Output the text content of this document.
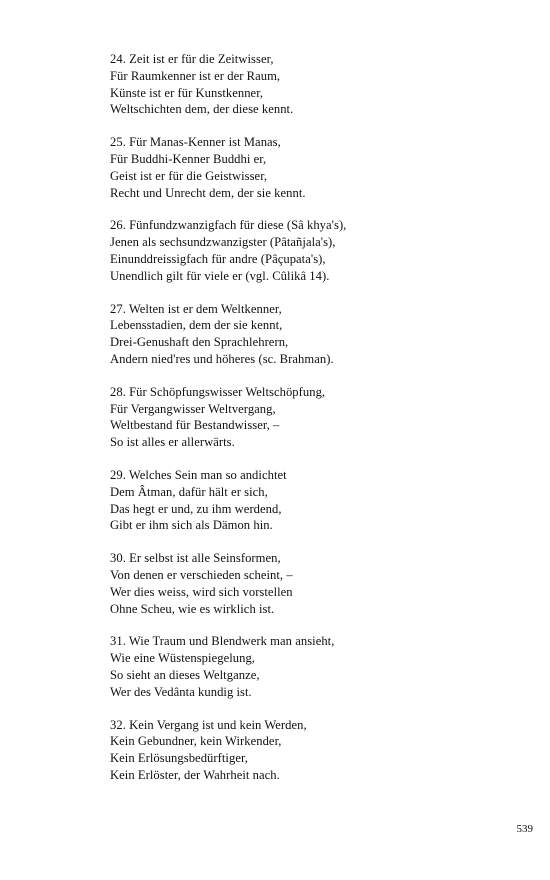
24. Zeit ist er für die Zeitwisser,
Für Raumkenner ist er der Raum,
Künste ist er für Kunstkenner,
Weltschichten dem, der diese kennt.
25. Für Manas-Kenner ist Manas,
Für Buddhi-Kenner Buddhi er,
Geist ist er für die Geistwisser,
Recht und Unrecht dem, der sie kennt.
26. Fünfundzwanzigfach für diese (Sâ khya's),
Jenen als sechsundzwanzigster (Pâtañjala's),
Einunddreissigfach für andre (Pâçupata's),
Unendlich gilt für viele er (vgl. Cûlikâ 14).
27. Welten ist er dem Weltkenner,
Lebensstadien, dem der sie kennt,
Drei-Genushaft den Sprachlehrern,
Andern nied'res und höheres (sc. Brahman).
28. Für Schöpfungswisser Weltschöpfung,
Für Vergangwisser Weltvergang,
Weltbestand für Bestandwisser, –
So ist alles er allerwärts.
29. Welches Sein man so andichtet
Dem Âtman, dafür hält er sich,
Das hegt er und, zu ihm werdend,
Gibt er ihm sich als Dämon hin.
30. Er selbst ist alle Seinsformen,
Von denen er verschieden scheint, –
Wer dies weiss, wird sich vorstellen
Ohne Scheu, wie es wirklich ist.
31. Wie Traum und Blendwerk man ansieht,
Wie eine Wüstenspiegelung,
So sieht an dieses Weltganze,
Wer des Vedânta kundig ist.
32. Kein Vergang ist und kein Werden,
Kein Gebundner, kein Wirkender,
Kein Erlösungsbedürftiger,
Kein Erlöster, der Wahrheit nach.
539
